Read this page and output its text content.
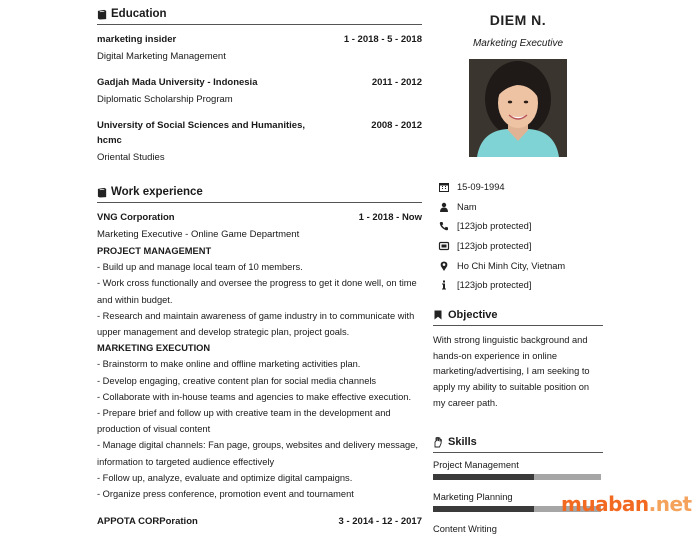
Education
marketing insider	1 - 2018 - 5 - 2018
Digital Marketing Management
Gadjah Mada University - Indonesia	2011 - 2012
Diplomatic Scholarship Program
University of Social Sciences and Humanities, hcmc
2008 - 2012
Oriental Studies
Work experience
VNG Corporation	1 - 2018 - Now
Marketing Executive - Online Game Department
PROJECT MANAGEMENT
- Build up and manage local team of 10 members.
- Work cross functionally and oversee the progress to get it done well, on time and within budget.
- Research and maintain awareness of game industry in to communicate with upper management and develop strategic plan, project goals.
MARKETING EXECUTION
- Brainstorm to make online and offline marketing activities plan.
- Develop engaging, creative content plan for social media channels
- Collaborate with in-house teams and agencies to make effective execution.
- Prepare brief and follow up with creative team in the development and production of visual content
- Manage digital channels: Fan page, groups, websites and delivery message, information to targeted audience effectively
- Follow up, analyze, evaluate and optimize digital campaigns.
- Organize press conference, promotion event and tournament
APPOTA CORPoration	3 - 2014 - 12 - 2017
DIEM N.
Marketing Executive
15-09-1994
Nam
[123job protected]
[123job protected]
Ho Chi Minh City, Vietnam
[123job protected]
Objective
With strong linguistic background and hands-on experience in online marketing/advertising, I am seeking to apply my ability to suitable position on my career path.
Skills
Project Management
Marketing Planning
Content Writing
muaban.net
